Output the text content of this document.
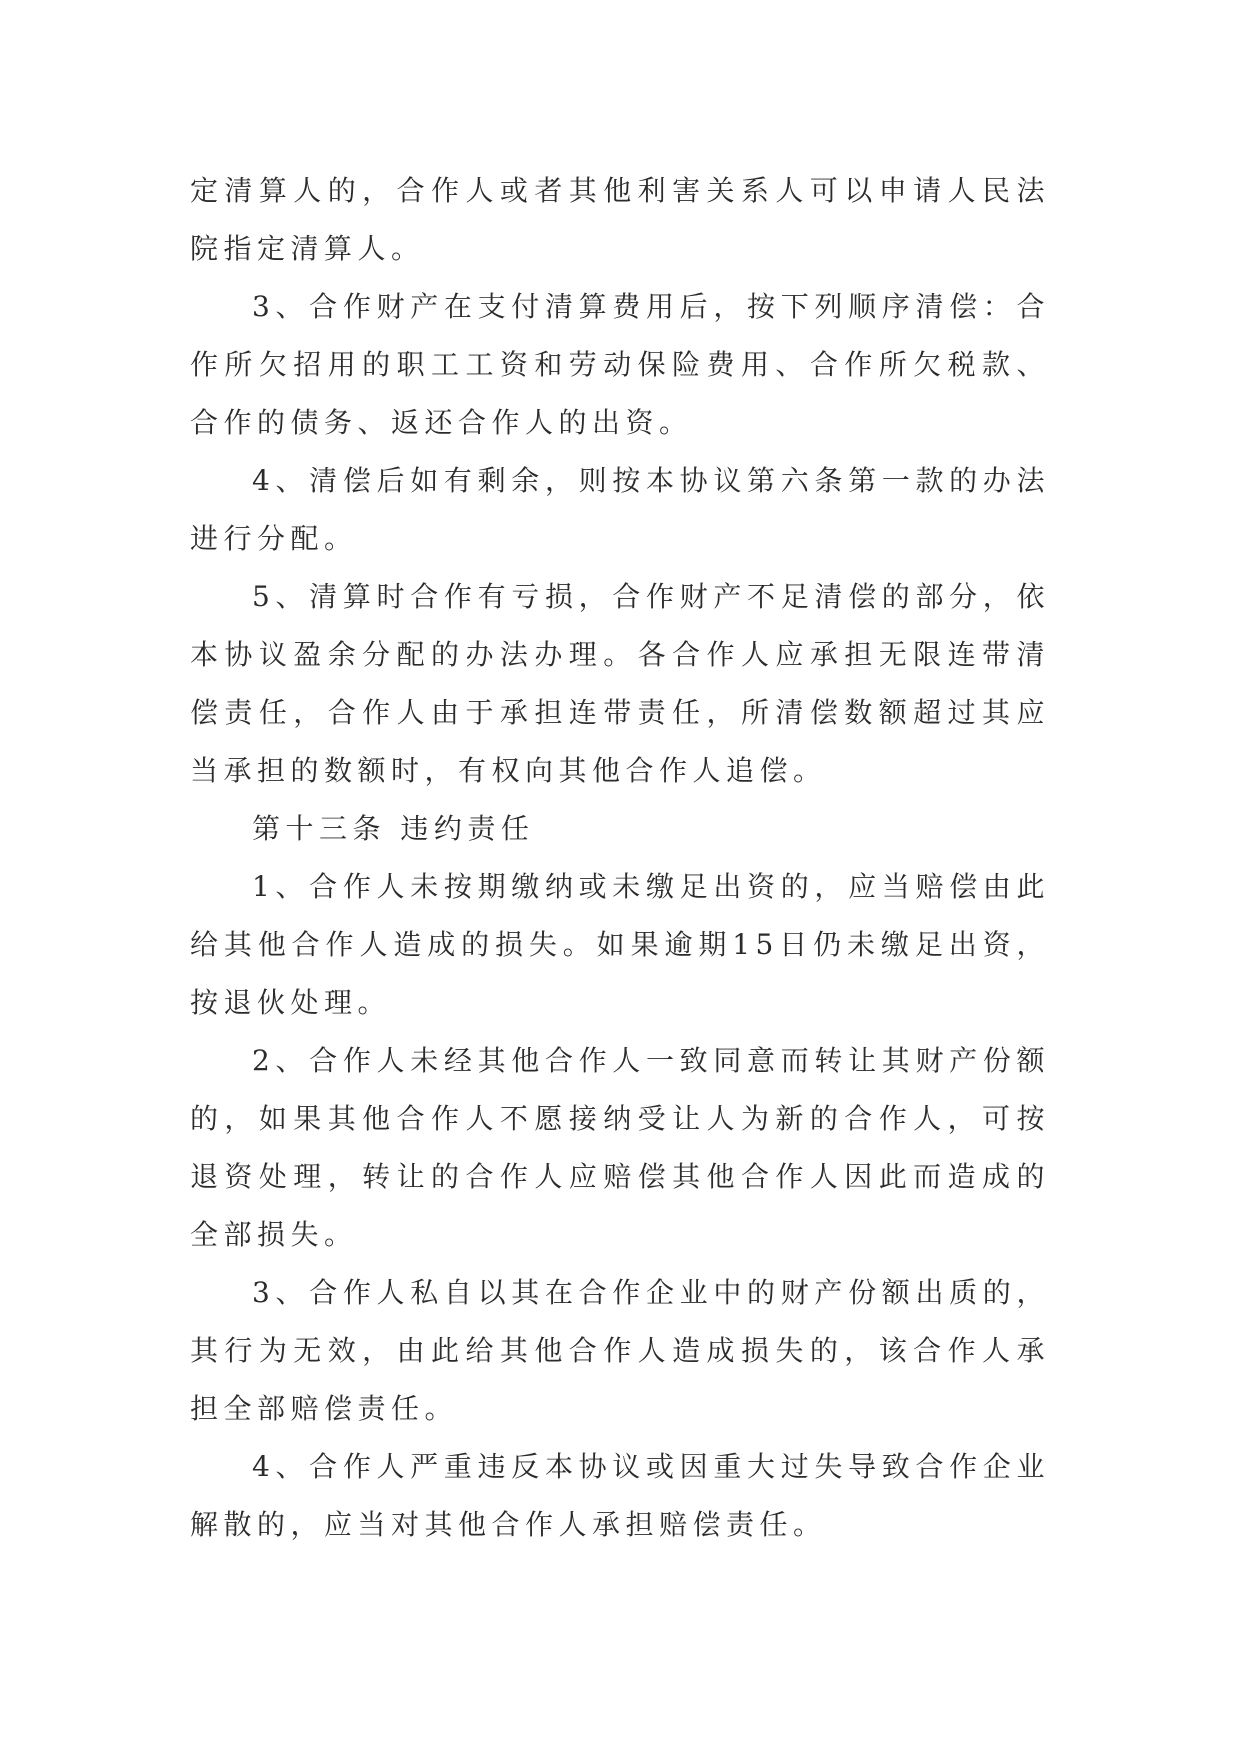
定清算人的，合作人或者其他利害关系人可以申请人民法院指定清算人。

3、合作财产在支付清算费用后，按下列顺序清偿：合作所欠招用的职工工资和劳动保险费用、合作所欠税款、合作的债务、返还合作人的出资。

4、清偿后如有剩余，则按本协议第六条第一款的办法进行分配。

5、清算时合作有亏损，合作财产不足清偿的部分，依本协议盈余分配的办法办理。各合作人应承担无限连带清偿责任，合作人由于承担连带责任，所清偿数额超过其应当承担的数额时，有权向其他合作人追偿。

第十三条 违约责任

1、合作人未按期缴纳或未缴足出资的，应当赔偿由此给其他合作人造成的损失。如果逾期15日仍未缴足出资，按退伙处理。

2、合作人未经其他合作人一致同意而转让其财产份额的，如果其他合作人不愿接纳受让人为新的合作人，可按退资处理，转让的合作人应赔偿其他合作人因此而造成的全部损失。

3、合作人私自以其在合作企业中的财产份额出质的，其行为无效，由此给其他合作人造成损失的，该合作人承担全部赔偿责任。

4、合作人严重违反本协议或因重大过失导致合作企业解散的，应当对其他合作人承担赔偿责任。
